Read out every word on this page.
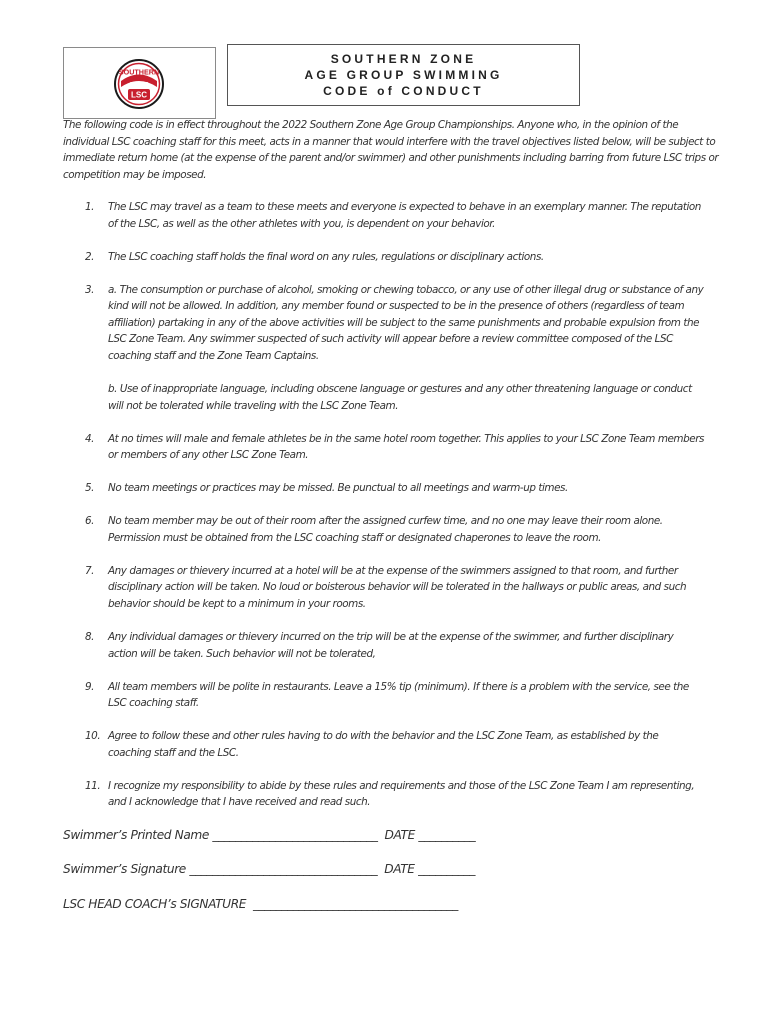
SOUTHERN
Z O N E
LSC
SOUTHERN ZONE
AGE GROUP SWIMMING
CODE of CONDUCT

The following code is in effect throughout the 2022 Southern Zone Age Group Championships. Anyone who, in the opinion of the individual LSC coaching staff for this meet, acts in a manner that would interfere with the travel objectives listed below, will be subject to immediate return home (at the expense of the parent and/or swimmer) and other punishments including barring from future LSC trips or competition may be imposed.

1. The LSC may travel as a team to these meets and everyone is expected to behave in an exemplary manner. The reputation of the LSC, as well as the other athletes with you, is dependent on your behavior.

2. The LSC coaching staff holds the final word on any rules, regulations or disciplinary actions.

3. a. The consumption or purchase of alcohol, smoking or chewing tobacco, or any use of other illegal drug or substance of any kind will not be allowed. In addition, any member found or suspected to be in the presence of others (regardless of team affiliation) partaking in any of the above activities will be subject to the same punishments and probable expulsion from the LSC Zone Team. Any swimmer suspected of such activity will appear before a review committee composed of the LSC coaching staff and the Zone Team Captains.

b. Use of inappropriate language, including obscene language or gestures and any other threatening language or conduct will not be tolerated while traveling with the LSC Zone Team.

4. At no times will male and female athletes be in the same hotel room together. This applies to your LSC Zone Team members or members of any other LSC Zone Team.

5. No team meetings or practices may be missed. Be punctual to all meetings and warm-up times.

6. No team member may be out of their room after the assigned curfew time, and no one may leave their room alone. Permission must be obtained from the LSC coaching staff or designated chaperones to leave the room.

7. Any damages or thievery incurred at a hotel will be at the expense of the swimmers assigned to that room, and further disciplinary action will be taken. No loud or boisterous behavior will be tolerated in the hallways or public areas, and such behavior should be kept to a minimum in your rooms.

8. Any individual damages or thievery incurred on the trip will be at the expense of the swimmer, and further disciplinary action will be taken. Such behavior will not be tolerated,

9. All team members will be polite in restaurants. Leave a 15% tip (minimum). If there is a problem with the service, see the LSC coaching staff.

10. Agree to follow these and other rules having to do with the behavior and the LSC Zone Team, as established by the coaching staff and the LSC.

11. I recognize my responsibility to abide by these rules and requirements and those of the LSC Zone Team I am representing, and I acknowledge that I have received and read such.

Swimmer’s Printed Name _____________________________  DATE __________
Swimmer’s Signature _________________________________  DATE __________
LSC HEAD COACH’s SIGNATURE  ____________________________________
